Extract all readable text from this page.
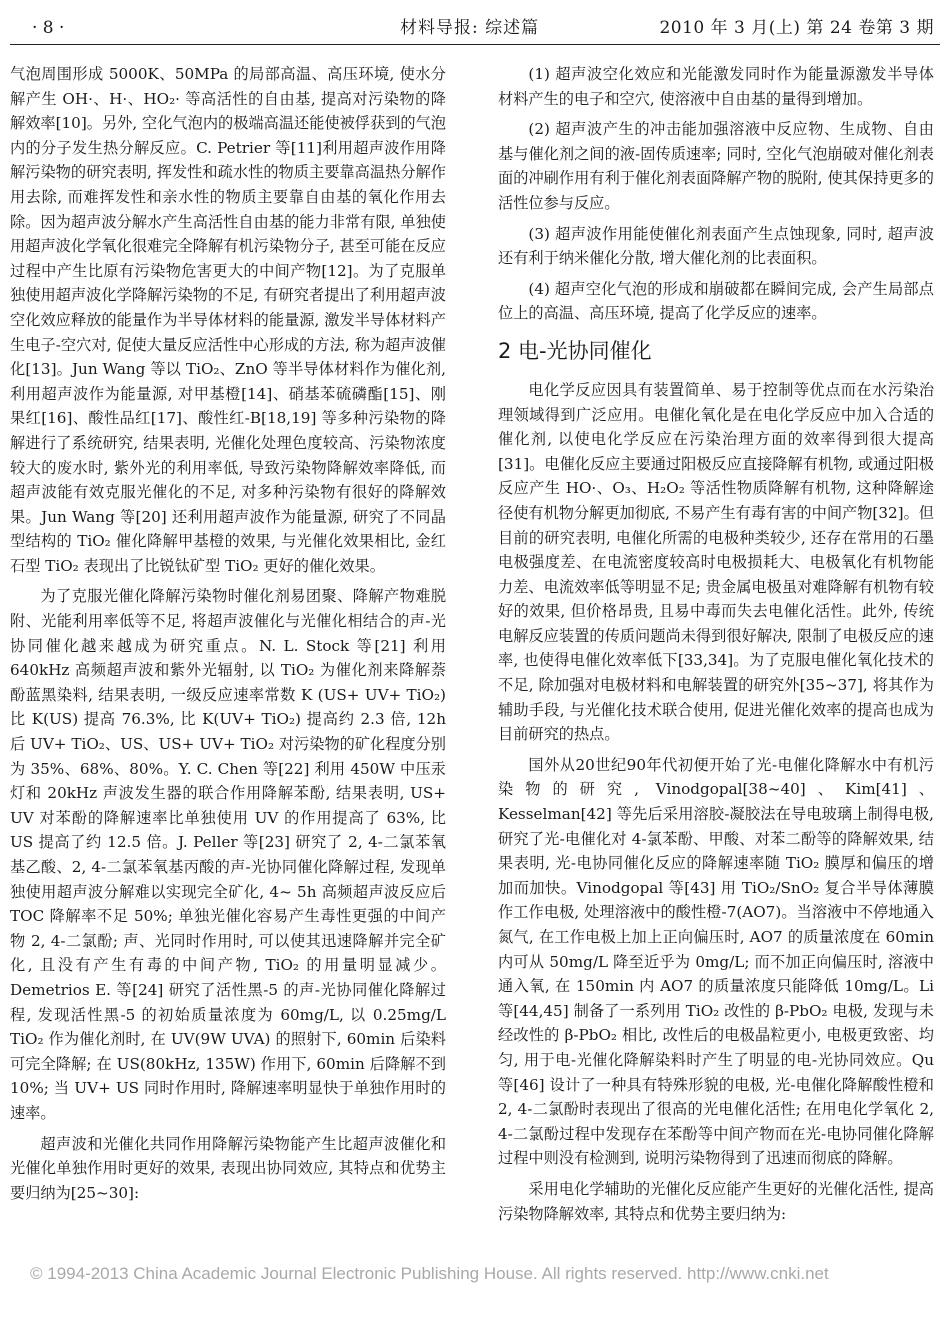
· 8 ·	材料导报: 综述篇	2010 年 3 月(上) 第 24 卷第 3 期

气泡周围形成 5000K、50MPa 的局部高温、高压环境, 使水分解产生 OH·、H·、HO₂· 等高活性的自由基, 提高对污染物的降解效率[10]。另外, 空化气泡内的极端高温还能使被俘获到的气泡内的分子发生热分解反应。C. Petrier 等[11]利用超声波作用降解污染物的研究表明, 挥发性和疏水性的物质主要靠高温热分解作用去除, 而难挥发性和亲水性的物质主要靠自由基的氧化作用去除。因为超声波分解水产生高活性自由基的能力非常有限, 单独使用超声波化学氧化很难完全降解有机污染物分子, 甚至可能在反应过程中产生比原有污染物危害更大的中间产物[12]。为了克服单独使用超声波化学降解污染物的不足, 有研究者提出了利用超声波空化效应释放的能量作为半导体材料的能量源, 激发半导体材料产生电子-空穴对, 促使大量反应活性中心形成的方法, 称为超声波催化[13]。Jun Wang 等以 TiO₂、ZnO 等半导体材料作为催化剂, 利用超声波作为能量源, 对甲基橙[14]、硝基苯硫磷酯[15]、刚果红[16]、酸性品红[17]、酸性红-B[18,19] 等多种污染物的降解进行了系统研究, 结果表明, 光催化处理色度较高、污染物浓度较大的废水时, 紫外光的利用率低, 导致污染物降解效率降低, 而超声波能有效克服光催化的不足, 对多种污染物有很好的降解效果。Jun Wang 等[20] 还利用超声波作为能量源, 研究了不同晶型结构的 TiO₂ 催化降解甲基橙的效果, 与光催化效果相比, 金红石型 TiO₂ 表现出了比锐钛矿型 TiO₂ 更好的催化效果。

为了克服光催化降解污染物时催化剂易团聚、降解产物难脱附、光能利用率低等不足, 将超声波催化与光催化相结合的声-光协同催化越来越成为研究重点。N. L. Stock 等[21] 利用 640kHz 高频超声波和紫外光辐射, 以 TiO₂ 为催化剂来降解萘酚蓝黑染料, 结果表明, 一级反应速率常数 K (US+ UV+ TiO₂) 比 K(US) 提高 76.3%, 比 K(UV+ TiO₂) 提高约 2.3 倍, 12h 后 UV+ TiO₂、US、US+ UV+ TiO₂ 对污染物的矿化程度分别为 35%、68%、80%。Y. C. Chen 等[22] 利用 450W 中压汞灯和 20kHz 声波发生器的联合作用降解苯酚, 结果表明, US+ UV 对苯酚的降解速率比单独使用 UV 的作用提高了 63%, 比 US 提高了约 12.5 倍。J. Peller 等[23] 研究了 2, 4-二氯苯氧基乙酸、2, 4-二氯苯氧基丙酸的声-光协同催化降解过程, 发现单独使用超声波分解难以实现完全矿化, 4~ 5h 高频超声波反应后 TOC 降解率不足 50%; 单独光催化容易产生毒性更强的中间产物 2, 4-二氯酚; 声、光同时作用时, 可以使其迅速降解并完全矿化, 且没有产生有毒的中间产物, TiO₂ 的用量明显减少。Demetrios E. 等[24] 研究了活性黑-5 的声-光协同催化降解过程, 发现活性黑-5 的初始质量浓度为 60mg/L, 以 0.25mg/L TiO₂ 作为催化剂时, 在 UV(9W UVA) 的照射下, 60min 后染料可完全降解; 在 US(80kHz, 135W) 作用下, 60min 后降解不到 10%; 当 UV+ US 同时作用时, 降解速率明显快于单独作用时的速率。

超声波和光催化共同作用降解污染物能产生比超声波催化和光催化单独作用时更好的效果, 表现出协同效应, 其特点和优势主要归纳为[25~30]:

(1) 超声波空化效应和光能激发同时作为能量源激发半导体材料产生的电子和空穴, 使溶液中自由基的量得到增加。

(2) 超声波产生的冲击能加强溶液中反应物、生成物、自由基与催化剂之间的液-固传质速率; 同时, 空化气泡崩破对催化剂表面的冲刷作用有利于催化剂表面降解产物的脱附, 使其保持更多的活性位参与反应。

(3) 超声波作用能使催化剂表面产生点蚀现象, 同时, 超声波还有利于纳米催化分散, 增大催化剂的比表面积。

(4) 超声空化气泡的形成和崩破都在瞬间完成, 会产生局部点位上的高温、高压环境, 提高了化学反应的速率。

2 电-光协同催化

电化学反应因具有装置简单、易于控制等优点而在水污染治理领域得到广泛应用。电催化氧化是在电化学反应中加入合适的催化剂, 以使电化学反应在污染治理方面的效率得到很大提高[31]。电催化反应主要通过阳极反应直接降解有机物, 或通过阳极反应产生 HO·、O₃、H₂O₂ 等活性物质降解有机物, 这种降解途径使有机物分解更加彻底, 不易产生有毒有害的中间产物[32]。但目前的研究表明, 电催化所需的电极种类较少, 还存在常用的石墨电极强度差、在电流密度较高时电极损耗大、电极氧化有机物能力差、电流效率低等明显不足; 贵金属电极虽对难降解有机物有较好的效果, 但价格昂贵, 且易中毒而失去电催化活性。此外, 传统电解反应装置的传质问题尚未得到很好解决, 限制了电极反应的速率, 也使得电催化效率低下[33,34]。为了克服电催化氧化技术的不足, 除加强对电极材料和电解装置的研究外[35~37], 将其作为辅助手段, 与光催化技术联合使用, 促进光催化效率的提高也成为目前研究的热点。

国外从20世纪90年代初便开始了光-电催化降解水中有机污染物的研究, Vinodgopal[38~40]、Kim[41]、Kesselman[42] 等先后采用溶胶-凝胶法在导电玻璃上制得电极, 研究了光-电催化对 4-氯苯酚、甲酸、对苯二酚等的降解效果, 结果表明, 光-电协同催化反应的降解速率随 TiO₂ 膜厚和偏压的增加而加快。Vinodgopal 等[43] 用 TiO₂/SnO₂ 复合半导体薄膜作工作电极, 处理溶液中的酸性橙-7(AO7)。当溶液中不停地通入氮气, 在工作电极上加上正向偏压时, AO7 的质量浓度在 60min 内可从 50mg/L 降至近乎为 0mg/L; 而不加正向偏压时, 溶液中通入氧, 在 150min 内 AO7 的质量浓度只能降低 10mg/L。Li 等[44,45] 制备了一系列用 TiO₂ 改性的 β-PbO₂ 电极, 发现与未经改性的 β-PbO₂ 相比, 改性后的电极晶粒更小, 电极更致密、均匀, 用于电-光催化降解染料时产生了明显的电-光协同效应。Qu 等[46] 设计了一种具有特殊形貌的电极, 光-电催化降解酸性橙和 2, 4-二氯酚时表现出了很高的光电催化活性; 在用电化学氧化 2, 4-二氯酚过程中发现存在苯酚等中间产物而在光-电协同催化降解过程中则没有检测到, 说明污染物得到了迅速而彻底的降解。

采用电化学辅助的光催化反应能产生更好的光催化活性, 提高污染物降解效率, 其特点和优势主要归纳为:

© 1994-2013 China Academic Journal Electronic Publishing House. All rights reserved. http://www.cnki.net
